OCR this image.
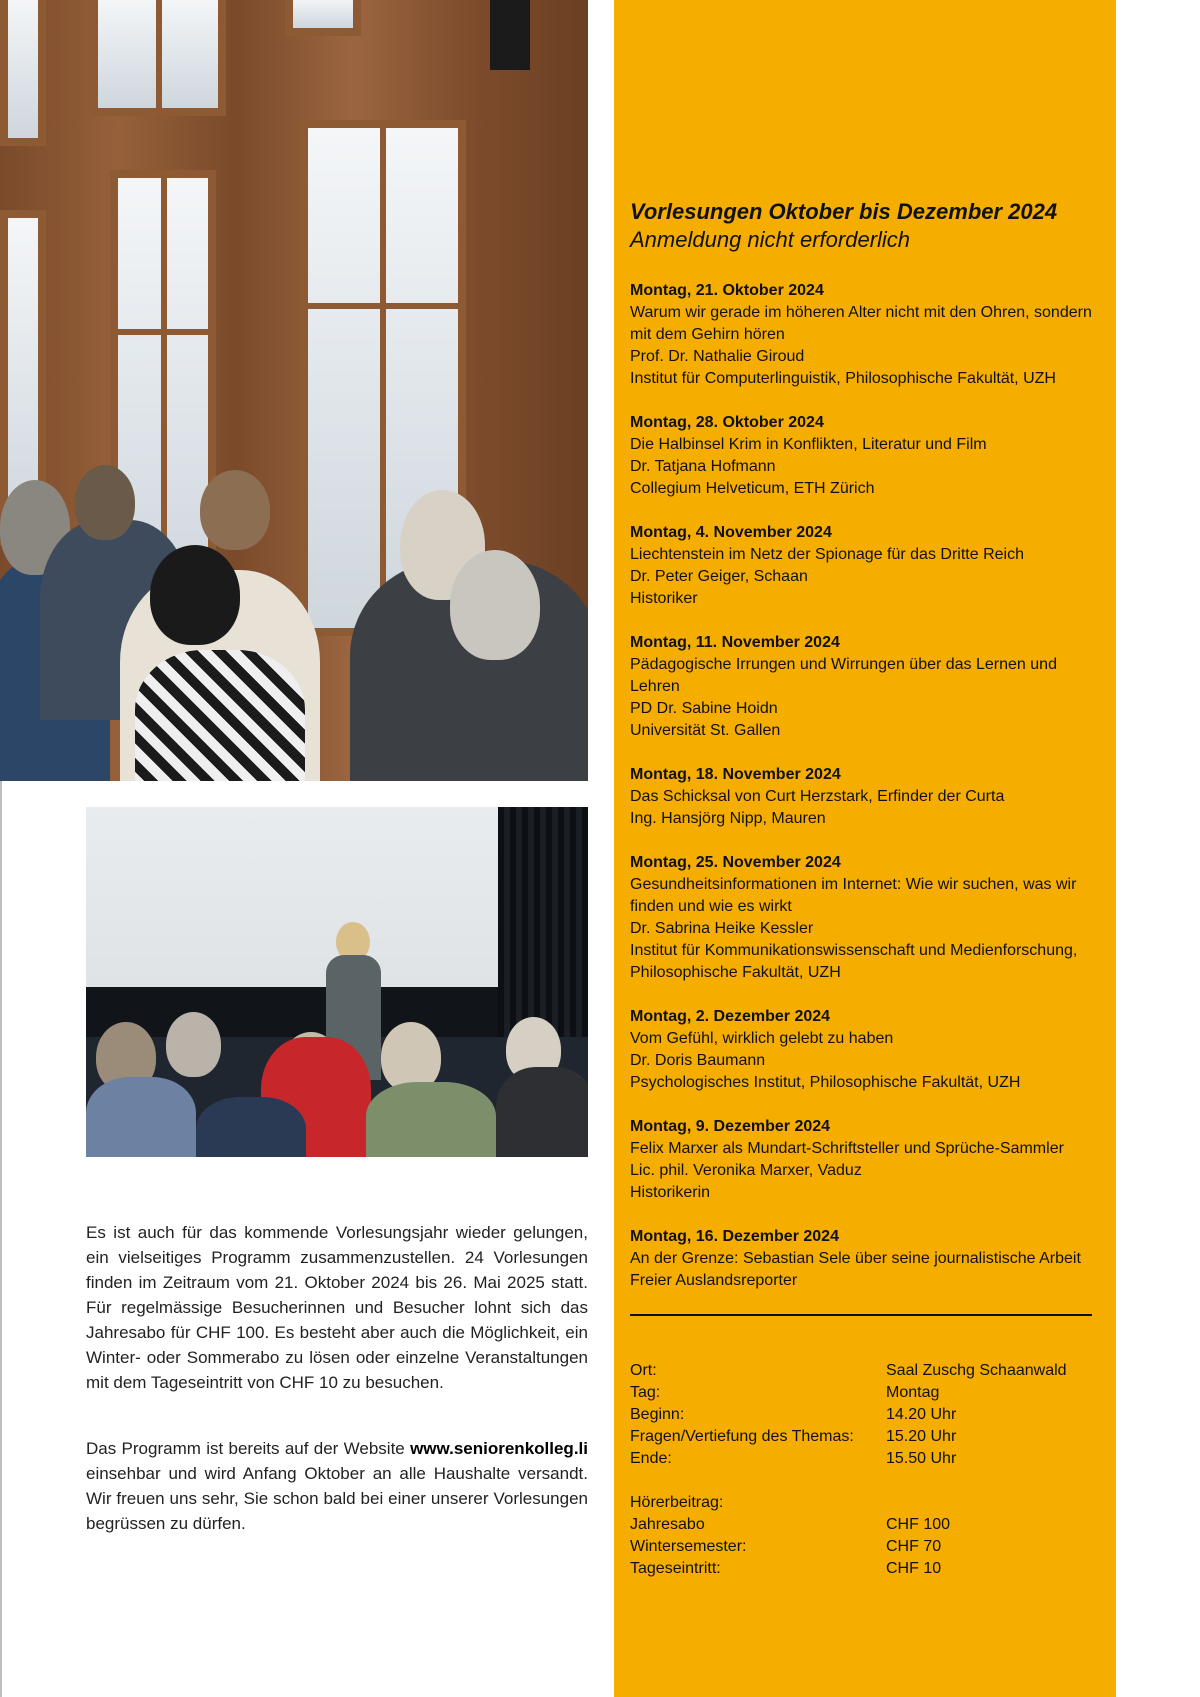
Es ist auch für das kommende Vorlesungsjahr wieder gelungen, ein vielseitiges Programm zusammenzustellen. 24 Vorlesungen finden im Zeitraum vom 21. Oktober 2024 bis 26. Mai 2025 statt. Für regelmässige Besucherinnen und Besucher lohnt sich das Jahresabo für CHF 100. Es besteht aber auch die Möglichkeit, ein Winter- oder Sommerabo zu lösen oder einzelne Veranstaltungen mit dem Tageseintritt von CHF 10 zu besuchen.

Das Programm ist bereits auf der Website www.seniorenkolleg.li einsehbar und wird Anfang Oktober an alle Haushalte versandt. Wir freuen uns sehr, Sie schon bald bei einer unserer Vorlesungen begrüssen zu dürfen.

Vorlesungen Oktober bis Dezember 2024

Anmeldung nicht erforderlich

Montag, 21. Oktober 2024
Warum wir gerade im höheren Alter nicht mit den Ohren, sondern mit dem Gehirn hören
Prof. Dr. Nathalie Giroud
Institut für Computerlinguistik, Philosophische Fakultät, UZH
Montag, 28. Oktober 2024
Die Halbinsel Krim in Konflikten, Literatur und Film
Dr. Tatjana Hofmann
Collegium Helveticum, ETH Zürich
Montag, 4. November 2024
Liechtenstein im Netz der Spionage für das Dritte Reich
Dr. Peter Geiger, Schaan
Historiker
Montag, 11. November 2024
Pädagogische Irrungen und Wirrungen über das Lernen und Lehren
PD Dr. Sabine Hoidn
Universität St. Gallen
Montag, 18. November 2024
Das Schicksal von Curt Herzstark, Erfinder der Curta
Ing. Hansjörg Nipp, Mauren
Montag, 25. November 2024
Gesundheitsinformationen im Internet: Wie wir suchen, was wir finden und wie es wirkt
Dr. Sabrina Heike Kessler
Institut für Kommunikationswissenschaft und Medienforschung, Philosophische Fakultät, UZH
Montag, 2. Dezember 2024
Vom Gefühl, wirklich gelebt zu haben
Dr. Doris Baumann
Psychologisches Institut, Philosophische Fakultät, UZH
Montag, 9. Dezember 2024
Felix Marxer als Mundart-Schriftsteller und Sprüche-Sammler
Lic. phil. Veronika Marxer, Vaduz
Historikerin
Montag, 16. Dezember 2024
An der Grenze: Sebastian Sele über seine journalistische Arbeit
Freier Auslandsreporter
Ort:	Saal Zuschg Schaanwald
Tag:	Montag
Beginn:	14.20 Uhr
Fragen/Vertiefung des Themas:	15.20 Uhr
Ende:	15.50 Uhr
Hörerbeitrag:
Jahresabo	CHF 100
Wintersemester:	CHF 70
Tageseintritt:	CHF 10
